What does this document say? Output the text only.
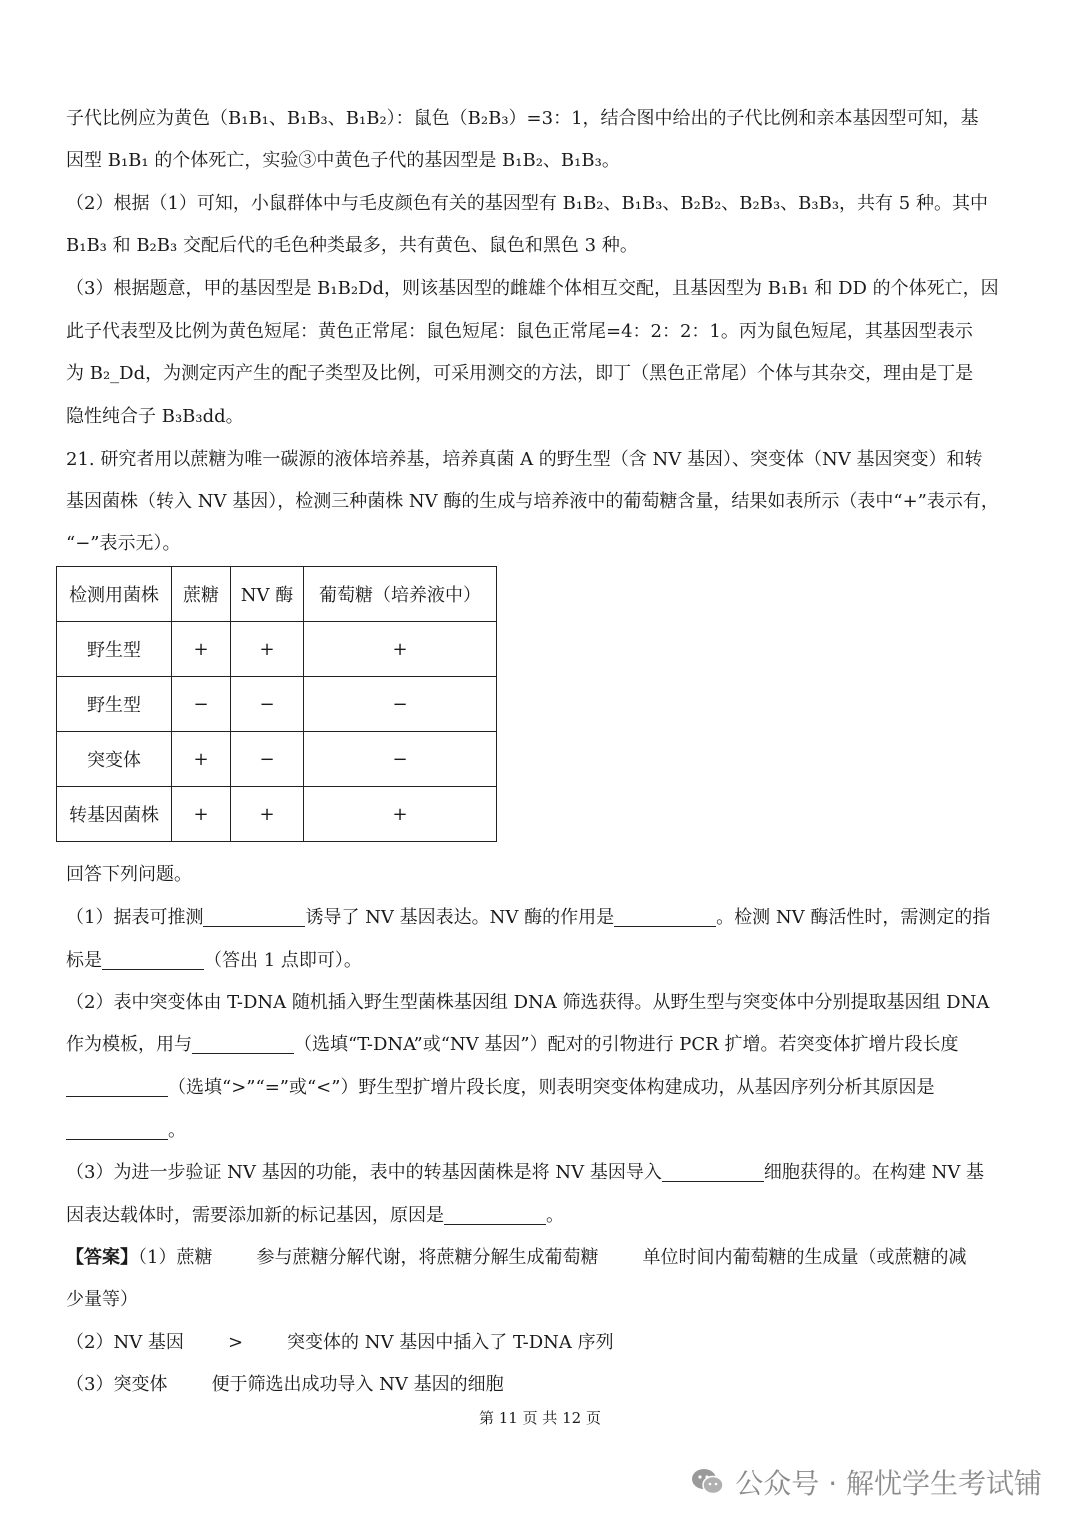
子代比例应为黄色（B₁B₁、B₁B₃、B₁B₂）：鼠色（B₂B₃）=3：1，结合图中给出的子代比例和亲本基因型可知，基

因型 B₁B₁ 的个体死亡，实验③中黄色子代的基因型是 B₁B₂、B₁B₃。

（2）根据（1）可知，小鼠群体中与毛皮颜色有关的基因型有 B₁B₂、B₁B₃、B₂B₂、B₂B₃、B₃B₃，共有 5 种。其中

B₁B₃ 和 B₂B₃ 交配后代的毛色种类最多，共有黄色、鼠色和黑色 3 种。

（3）根据题意，甲的基因型是 B₁B₂Dd，则该基因型的雌雄个体相互交配，且基因型为 B₁B₁ 和 DD 的个体死亡，因

此子代表型及比例为黄色短尾：黄色正常尾：鼠色短尾：鼠色正常尾=4：2：2：1。丙为鼠色短尾，其基因型表示

为 B₂_Dd，为测定丙产生的配子类型及比例，可采用测交的方法，即丁（黑色正常尾）个体与其杂交，理由是丁是

隐性纯合子 B₃B₃dd。

21. 研究者用以蔗糖为唯一碳源的液体培养基，培养真菌 A 的野生型（含 NV 基因）、突变体（NV 基因突变）和转

基因菌株（转入 NV 基因），检测三种菌株 NV 酶的生成与培养液中的葡萄糖含量，结果如表所示（表中“+”表示有，

“−”表示无）。

检测用菌株	蔗糖	NV 酶	葡萄糖（培养液中）
野生型	+	+	+
野生型	−	−	−
突变体	+	−	−
转基因菌株	+	+	+

回答下列问题。

（1）据表可推测	诱导了 NV 基因表达。NV 酶的作用是	。检测 NV 酶活性时，需测定的指

标是	（答出 1 点即可）。

（2）表中突变体由 T-DNA 随机插入野生型菌株基因组 DNA 筛选获得。从野生型与突变体中分别提取基因组 DNA

作为模板，用与	（选填“T-DNA”或“NV 基因”）配对的引物进行 PCR 扩增。若突变体扩增片段长度

（选填“>”“=”或“<”）野生型扩增片段长度，则表明突变体构建成功，从基因序列分析其原因是

。

（3）为进一步验证 NV 基因的功能，表中的转基因菌株是将 NV 基因导入	细胞获得的。在构建 NV 基

因表达载体时，需要添加新的标记基因，原因是	。

【答案】（1）蔗糖 参与蔗糖分解代谢，将蔗糖分解生成葡萄糖 单位时间内葡萄糖的生成量（或蔗糖的减

少量等）

（2）NV 基因 > 突变体的 NV 基因中插入了 T-DNA 序列

（3）突变体 便于筛选出成功导入 NV 基因的细胞

第 11 页 共 12 页
公众号 · 解忧学生考试铺
